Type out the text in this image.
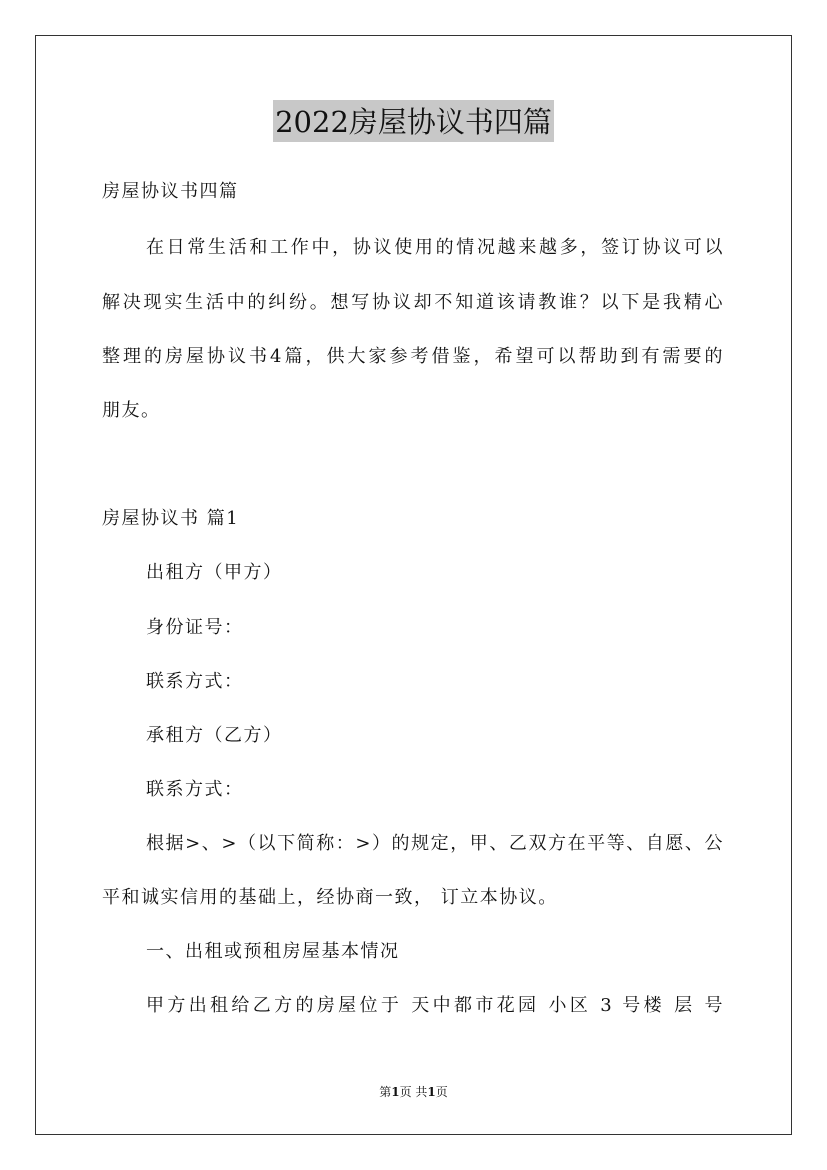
2022房屋协议书四篇
房屋协议书四篇
在日常生活和工作中，协议使用的情况越来越多，签订协议可以
解决现实生活中的纠纷。想写协议却不知道该请教谁？以下是我精心
整理的房屋协议书4篇，供大家参考借鉴，希望可以帮助到有需要的
朋友。
房屋协议书 篇1
出租方（甲方）
身份证号：
联系方式：
承租方（乙方）
联系方式：
根据>、>（以下简称：>）的规定，甲、乙双方在平等、自愿、公
平和诚实信用的基础上，经协商一致， 订立本协议。
一、出租或预租房屋基本情况
甲方出租给乙方的房屋位于 天中都市花园 小区 3 号楼 层 号
第1页 共1页
